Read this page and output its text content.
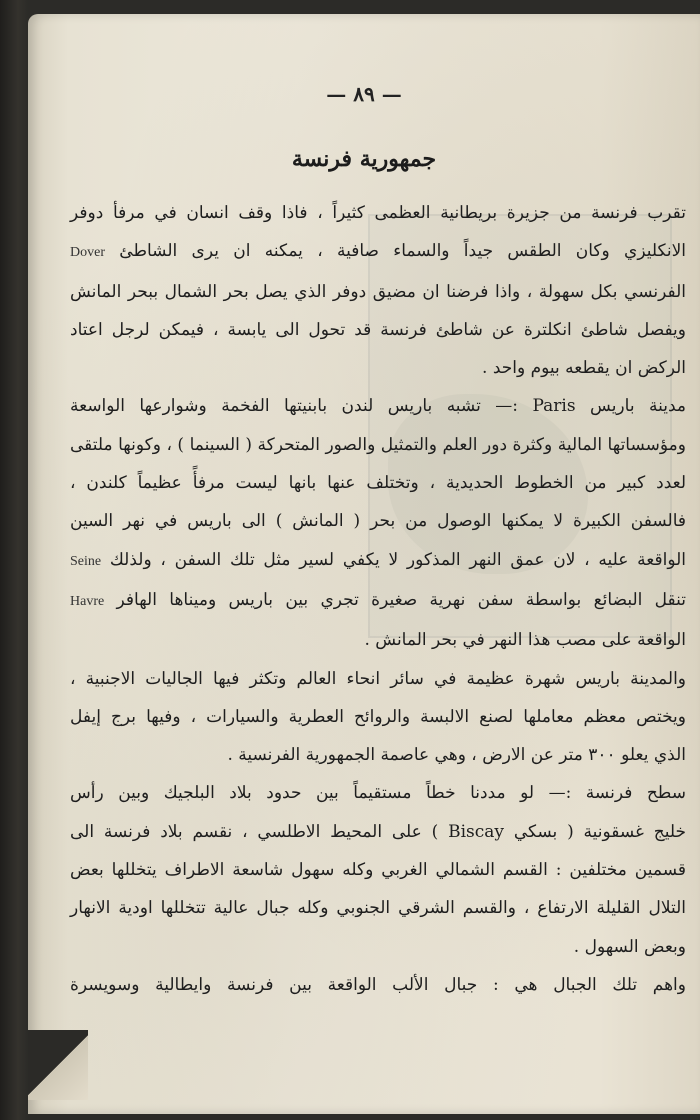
— ٨٩ —
جمهورية فرنسة
تقرب فرنسة من جزيرة بريطانية العظمى كثيراً ، فاذا وقف انسان في مرفأ دوفر
الانكليزي وكان الطقس جيداً والسماء صافية ، يمكنه ان يرى الشاطئ Dover
الفرنسي بكل سهولة ، واذا فرضنا ان مضيق دوفر الذي يصل بحر الشمال ببحر المانش
ويفصل شاطئ انكلترة عن شاطئ فرنسة قد تحول الى يابسة ، فيمكن لرجل اعتاد
الركض ان يقطعه بيوم واحد .
مدينة باريس Paris :— تشبه باريس لندن بابنيتها الفخمة وشوارعها الواسعة
ومؤسساتها المالية وكثرة دور العلم والتمثيل والصور المتحركة ( السينما ) ، وكونها ملتقى
لعدد كبير من الخطوط الحديدية ، وتختلف عنها بانها ليست مرفأً عظيماً كلندن ،
فالسفن الكبيرة لا يمكنها الوصول من بحر ( المانش ) الى باريس في نهر السين
الواقعة عليه ، لان عمق النهر المذكور لا يكفي لسير مثل تلك السفن ، ولذلك Seine
تنقل البضائع بواسطة سفن نهرية صغيرة تجري بين باريس وميناها الهافر Havre
الواقعة على مصب هذا النهر في بحر المانش .
والمدينة باريس شهرة عظيمة في سائر انحاء العالم وتكثر فيها الجاليات الاجنبية ،
ويختص معظم معاملها لصنع الالبسة والروائح العطرية والسيارات ، وفيها برج إيفل
الذي يعلو ٣٠٠ متر عن الارض ، وهي عاصمة الجمهورية الفرنسية .
سطح فرنسة :— لو مددنا خطاً مستقيماً بين حدود بلاد البلجيك وبين رأس
خليج غسقونية ( بسكي Biscay ) على المحيط الاطلسي ، نقسم بلاد فرنسة الى
قسمين مختلفين : القسم الشمالي الغربي وكله سهول شاسعة الاطراف يتخللها بعض
التلال القليلة الارتفاع ، والقسم الشرقي الجنوبي وكله جبال عالية تتخللها اودية الانهار
وبعض السهول .
واهم تلك الجبال هي : جبال الألب الواقعة بين فرنسة وايطالية وسويسرة
